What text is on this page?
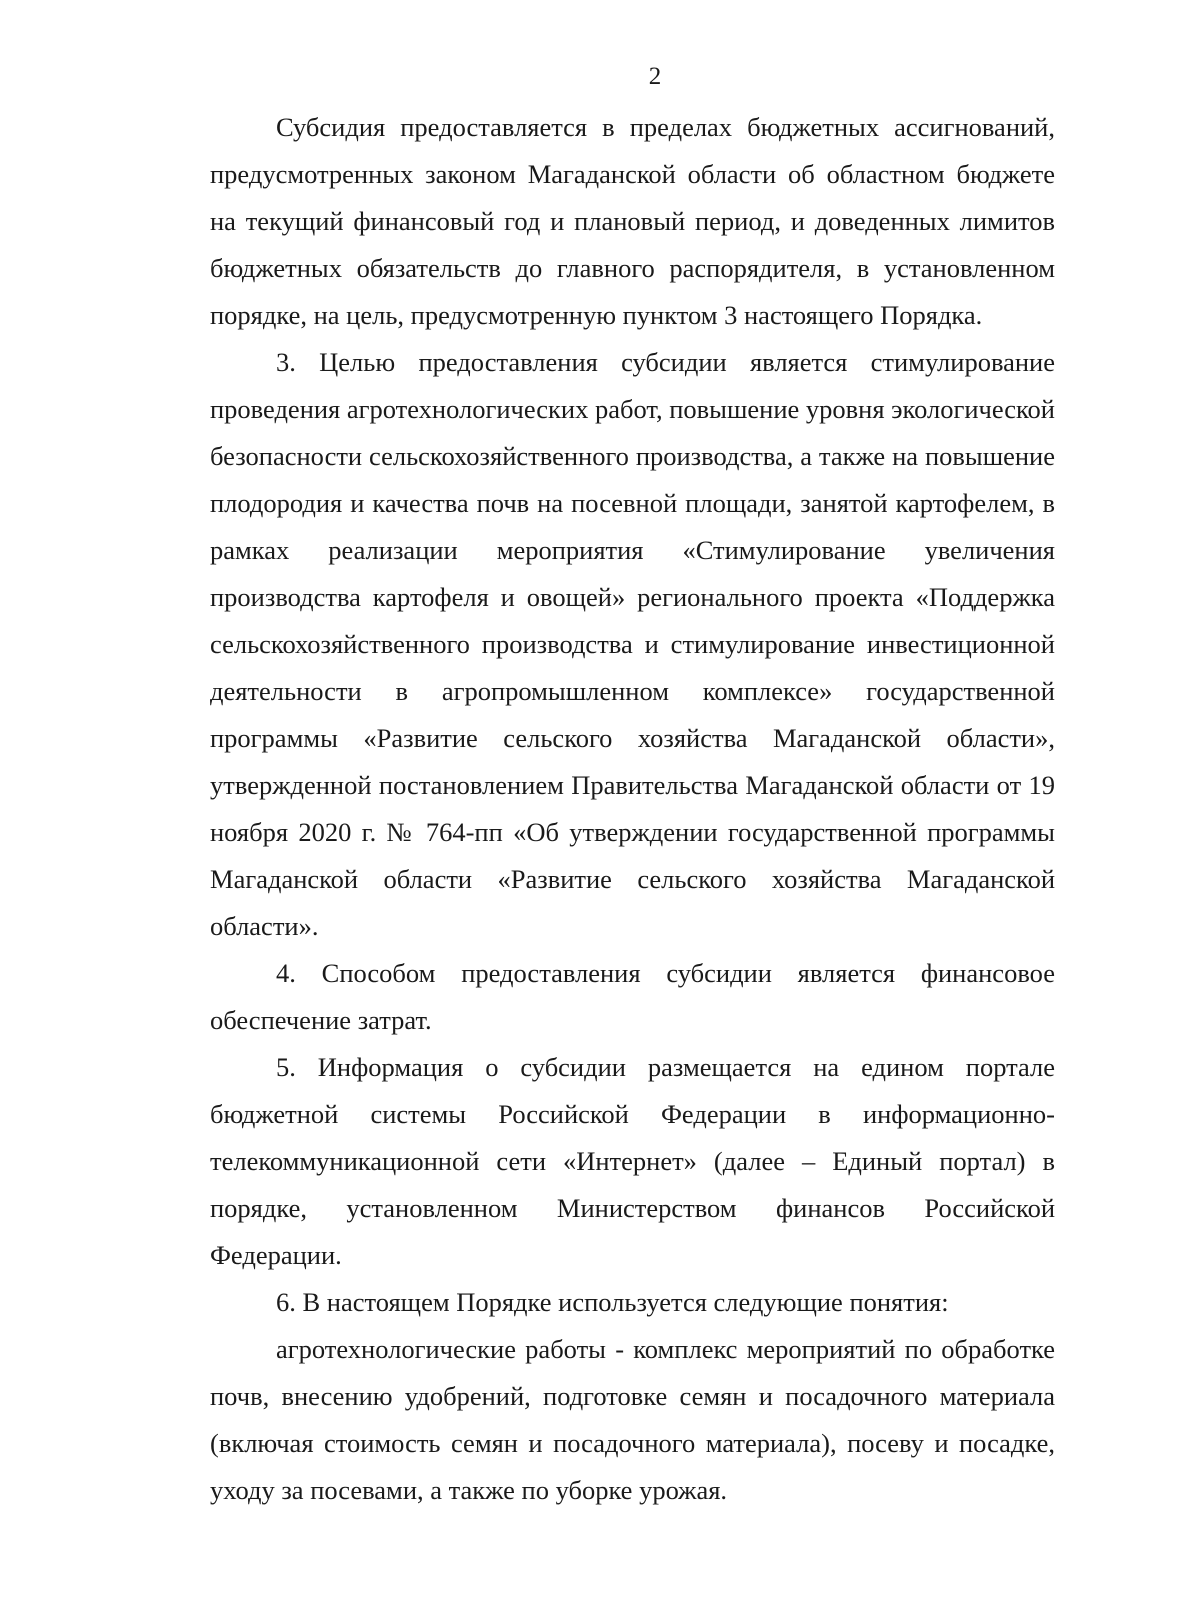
2

Субсидия предоставляется в пределах бюджетных ассигнований, предусмотренных законом Магаданской области об областном бюджете на текущий финансовый год и плановый период, и доведенных лимитов бюджетных обязательств до главного распорядителя, в установленном порядке, на цель, предусмотренную пунктом 3 настоящего Порядка.

3. Целью предоставления субсидии является стимулирование проведения агротехнологических работ, повышение уровня экологической безопасности сельскохозяйственного производства, а также на повышение плодородия и качества почв на посевной площади, занятой картофелем, в рамках реализации мероприятия «Стимулирование увеличения производства картофеля и овощей» регионального проекта «Поддержка сельскохозяйственного производства и стимулирование инвестиционной деятельности в агропромышленном комплексе» государственной программы «Развитие сельского хозяйства Магаданской области», утвержденной постановлением Правительства Магаданской области от 19 ноября 2020 г. № 764-пп «Об утверждении государственной программы Магаданской области «Развитие сельского хозяйства Магаданской области».

4. Способом предоставления субсидии является финансовое обеспечение затрат.

5. Информация о субсидии размещается на едином портале бюджетной системы Российской Федерации в информационно-телекоммуникационной сети «Интернет» (далее – Единый портал) в порядке, установленном Министерством финансов Российской Федерации.

6. В настоящем Порядке используется следующие понятия:

агротехнологические работы - комплекс мероприятий по обработке почв, внесению удобрений, подготовке семян и посадочного материала (включая стоимость семян и посадочного материала), посеву и посадке, уходу за посевами, а также по уборке урожая.
